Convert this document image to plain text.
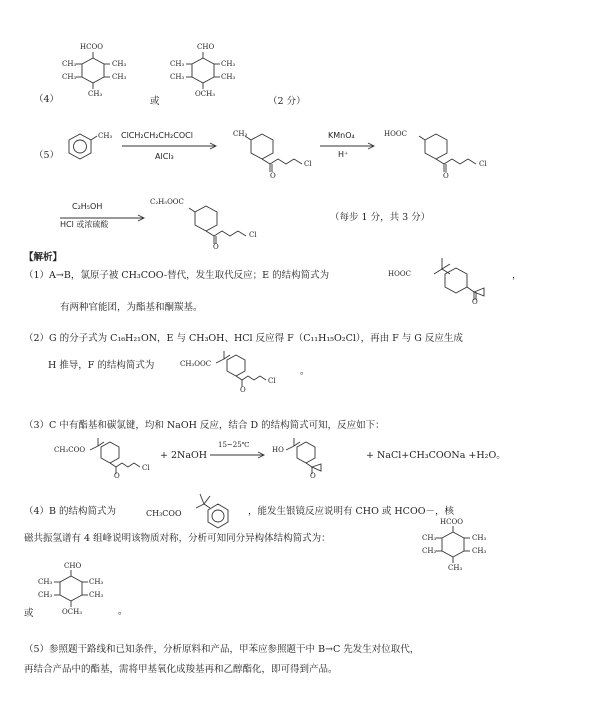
（4）
HCOO
CH₃	CH₃
CH₃	CH₃
CH₃
或
CHO
CH₃	CH₃
CH₃	CH₃
OCH₃
（2 分）
（5）
CH₃ ClCH₂CH₂CH₂COCl
AlCl₃
CH₃
Cl
O
KMnO₄
H⁺
HOOC
Cl
O
C₂H₅OH
HCl 或浓硫酸
C₂H₅OOC
Cl
O
（每步 1 分，共 3 分）
【解析】
（1）A→B，氯原子被 CH₃COO-替代，发生取代反应；E 的结构简式为	HOOC
O
，
有两种官能团，为酯基和酮羰基。
（2）G 的分子式为 C₁₆H₂₁ON，E 与 CH₃OH、HCl 反应得 F（C₁₁H₁₅O₂Cl），再由 F 与 G 反应生成
H 推导，F 的结构简式为	CH₃OOC
Cl
O
。
（3）C 中有酯基和碳氯键，均和 NaOH 反应，结合 D 的结构简式可知，反应如下：
CH₃COO
Cl
O
+ 2NaOH
15~25℃
HO
O
+ NaCl+CH₃COONa +H₂O。
（4）B 的结构简式为	CH₃COO	，能发生银镜反应说明有 CHO 或 HCOO－，核
磁共振氢谱有 4 组峰说明该物质对称，分析可知同分异构体结构简式为：
HCOO
CH₃	CH₃
CH₃	CH₃
CH₃
CHO
CH₃	CH₃
CH₃	CH₃
OCH₃
或	。
（5）参照题干路线和已知条件，分析原料和产品，甲苯应参照题干中 B→C 先发生对位取代，
再结合产品中的酯基，需将甲基氧化成羧基再和乙醇酯化，即可得到产品。
